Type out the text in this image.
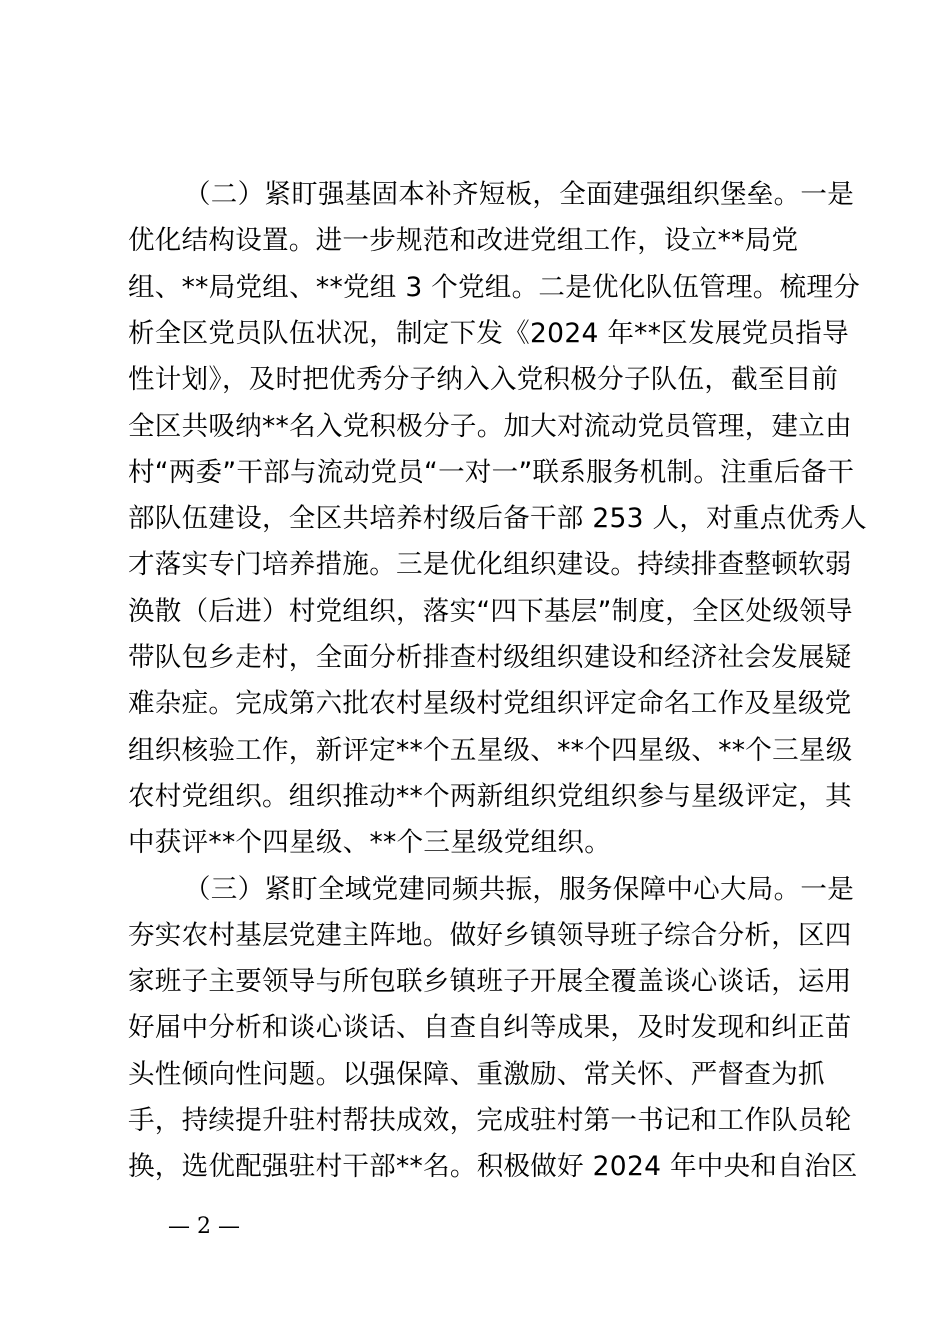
（二）紧盯强基固本补齐短板，全面建强组织堡垒。一是
优化结构设置。进一步规范和改进党组工作，设立**局党
组、**局党组、**党组 3 个党组。二是优化队伍管理。梳理分
析全区党员队伍状况，制定下发《2024 年**区发展党员指导
性计划》，及时把优秀分子纳入入党积极分子队伍，截至目前
全区共吸纳**名入党积极分子。加大对流动党员管理，建立由
村“两委”干部与流动党员“一对一”联系服务机制。注重后备干
部队伍建设，全区共培养村级后备干部 253 人，对重点优秀人
才落实专门培养措施。三是优化组织建设。持续排查整顿软弱
涣散（后进）村党组织，落实“四下基层”制度，全区处级领导
带队包乡走村，全面分析排查村级组织建设和经济社会发展疑
难杂症。完成第六批农村星级村党组织评定命名工作及星级党
组织核验工作，新评定**个五星级、**个四星级、**个三星级
农村党组织。组织推动**个两新组织党组织参与星级评定，其
中获评**个四星级、**个三星级党组织。
（三）紧盯全域党建同频共振，服务保障中心大局。一是
夯实农村基层党建主阵地。做好乡镇领导班子综合分析，区四
家班子主要领导与所包联乡镇班子开展全覆盖谈心谈话，运用
好届中分析和谈心谈话、自查自纠等成果，及时发现和纠正苗
头性倾向性问题。以强保障、重激励、常关怀、严督查为抓
手，持续提升驻村帮扶成效，完成驻村第一书记和工作队员轮
换，选优配强驻村干部**名。积极做好 2024 年中央和自治区
— 2 —
